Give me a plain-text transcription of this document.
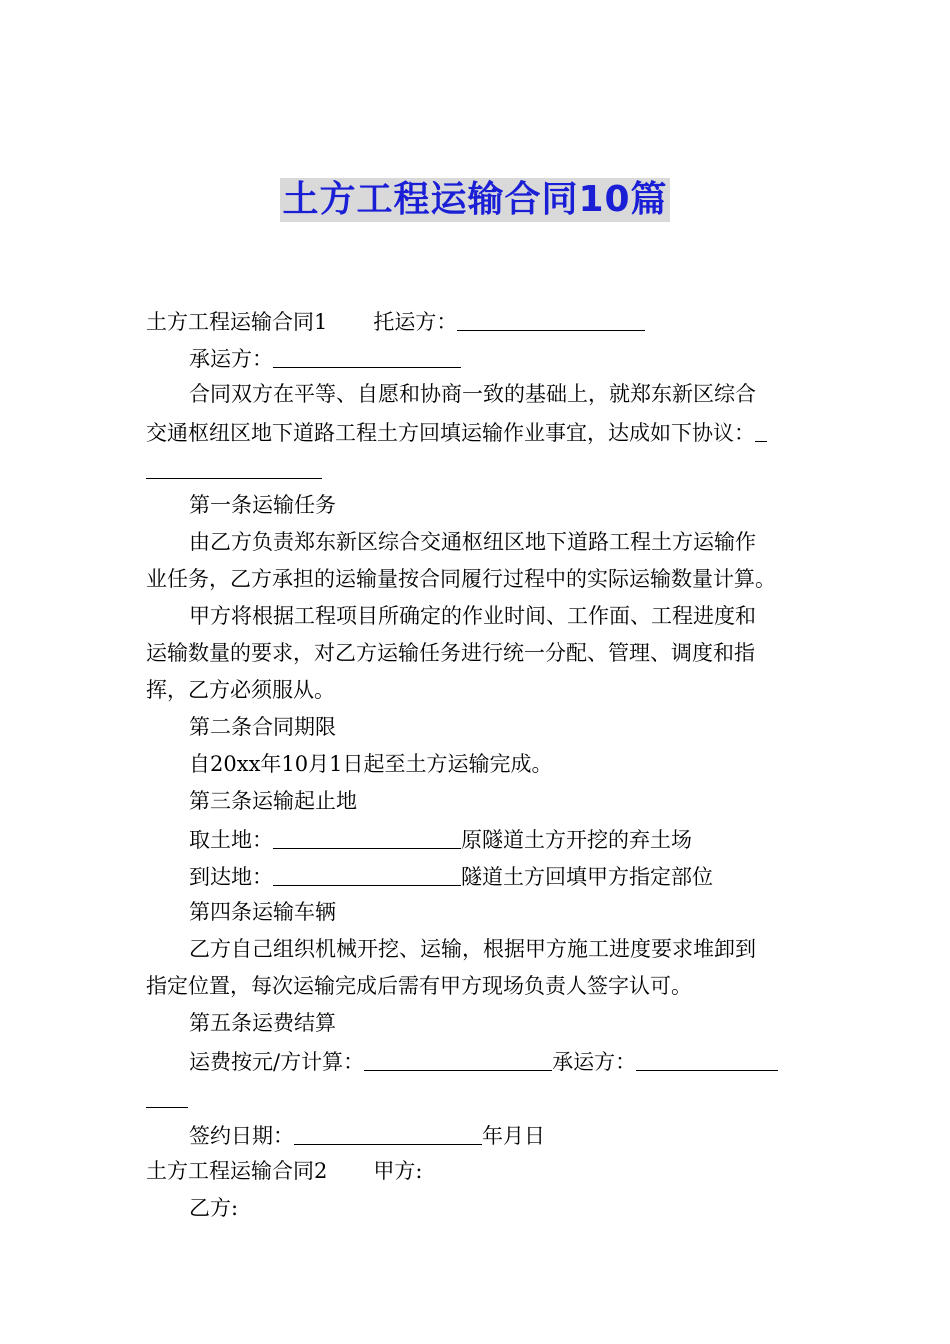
土方工程运输合同10篇
土方工程运输合同1 托运方：
承运方：
合同双方在平等、自愿和协商一致的基础上，就郑东新区综合
交通枢纽区地下道路工程土方回填运输作业事宜，达成如下协议：
第一条运输任务
由乙方负责郑东新区综合交通枢纽区地下道路工程土方运输作
业任务，乙方承担的运输量按合同履行过程中的实际运输数量计算。
甲方将根据工程项目所确定的作业时间、工作面、工程进度和
运输数量的要求，对乙方运输任务进行统一分配、管理、调度和指
挥，乙方必须服从。
第二条合同期限
自20xx年10月1日起至土方运输完成。
第三条运输起止地
取土地：	原隧道土方开挖的弃土场
到达地：	隧道土方回填甲方指定部位
第四条运输车辆
乙方自己组织机械开挖、运输，根据甲方施工进度要求堆卸到
指定位置，每次运输完成后需有甲方现场负责人签字认可。
第五条运费结算
运费按元/方计算：	承运方：
签约日期：	年月日
土方工程运输合同2 甲方:
乙方:
